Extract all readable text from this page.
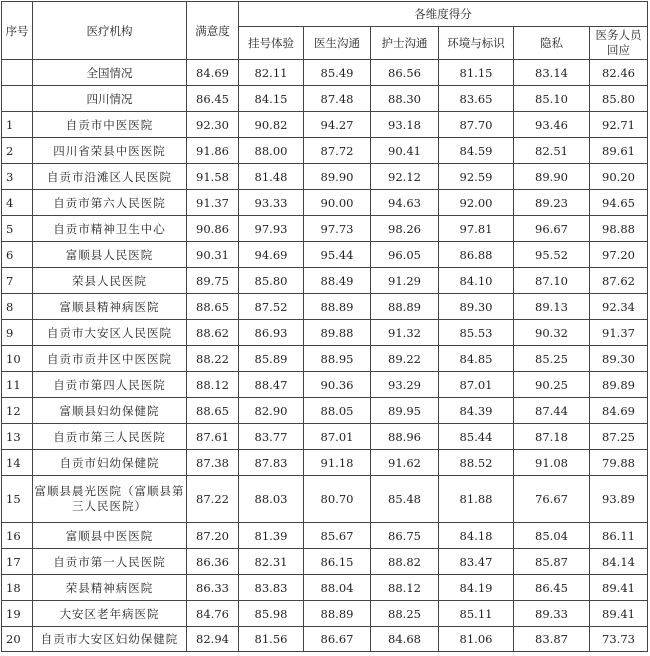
序号	医疗机构	满意度	各维度得分					
			挂号体验	医生沟通	护士沟通	环境与标识	隐私	医务人员回应
	全国情况	84.69	82.11	85.49	86.56	81.15	83.14	82.46
	四川情况	86.45	84.15	87.48	88.30	83.65	85.10	85.80
1	自贡市中医医院	92.30	90.82	94.27	93.18	87.70	93.46	92.71
2	四川省荣县中医医院	91.86	88.00	87.72	90.41	84.59	82.51	89.61
3	自贡市沿滩区人民医院	91.58	81.48	89.90	92.12	92.59	89.90	90.20
4	自贡市第六人民医院	91.37	93.33	90.00	94.63	92.00	89.23	94.65
5	自贡市精神卫生中心	90.86	97.93	97.73	98.26	97.81	96.67	98.88
6	富顺县人民医院	90.31	94.69	95.44	96.05	86.88	95.52	97.20
7	荣县人民医院	89.75	85.80	88.49	91.29	84.10	87.10	87.62
8	富顺县精神病医院	88.65	87.52	88.89	88.89	89.30	89.13	92.34
9	自贡市大安区人民医院	88.62	86.93	89.88	91.32	85.53	90.32	91.37
10	自贡市贡井区中医医院	88.22	85.89	88.95	89.22	84.85	85.25	89.30
11	自贡市第四人民医院	88.12	88.47	90.36	93.29	87.01	90.25	89.89
12	富顺县妇幼保健院	88.65	82.90	88.05	89.95	84.39	87.44	84.69
13	自贡市第三人民医院	87.61	83.77	87.01	88.96	85.44	87.18	87.25
14	自贡市妇幼保健院	87.38	87.83	91.18	91.62	88.52	91.08	79.88
15	富顺县晨光医院（富顺县第三人民医院）	87.22	88.03	80.70	85.48	81.88	76.67	93.89
16	富顺县中医医院	87.20	81.39	85.67	86.75	84.18	85.04	86.11
17	自贡市第一人民医院	86.36	82.31	86.15	88.82	83.47	85.87	84.14
18	荣县精神病医院	86.33	83.83	88.04	88.12	84.19	86.45	89.41
19	大安区老年病医院	84.76	85.98	88.89	88.25	85.11	89.33	89.41
20	自贡市大安区妇幼保健院	82.94	81.56	86.67	84.68	81.06	83.87	73.73
